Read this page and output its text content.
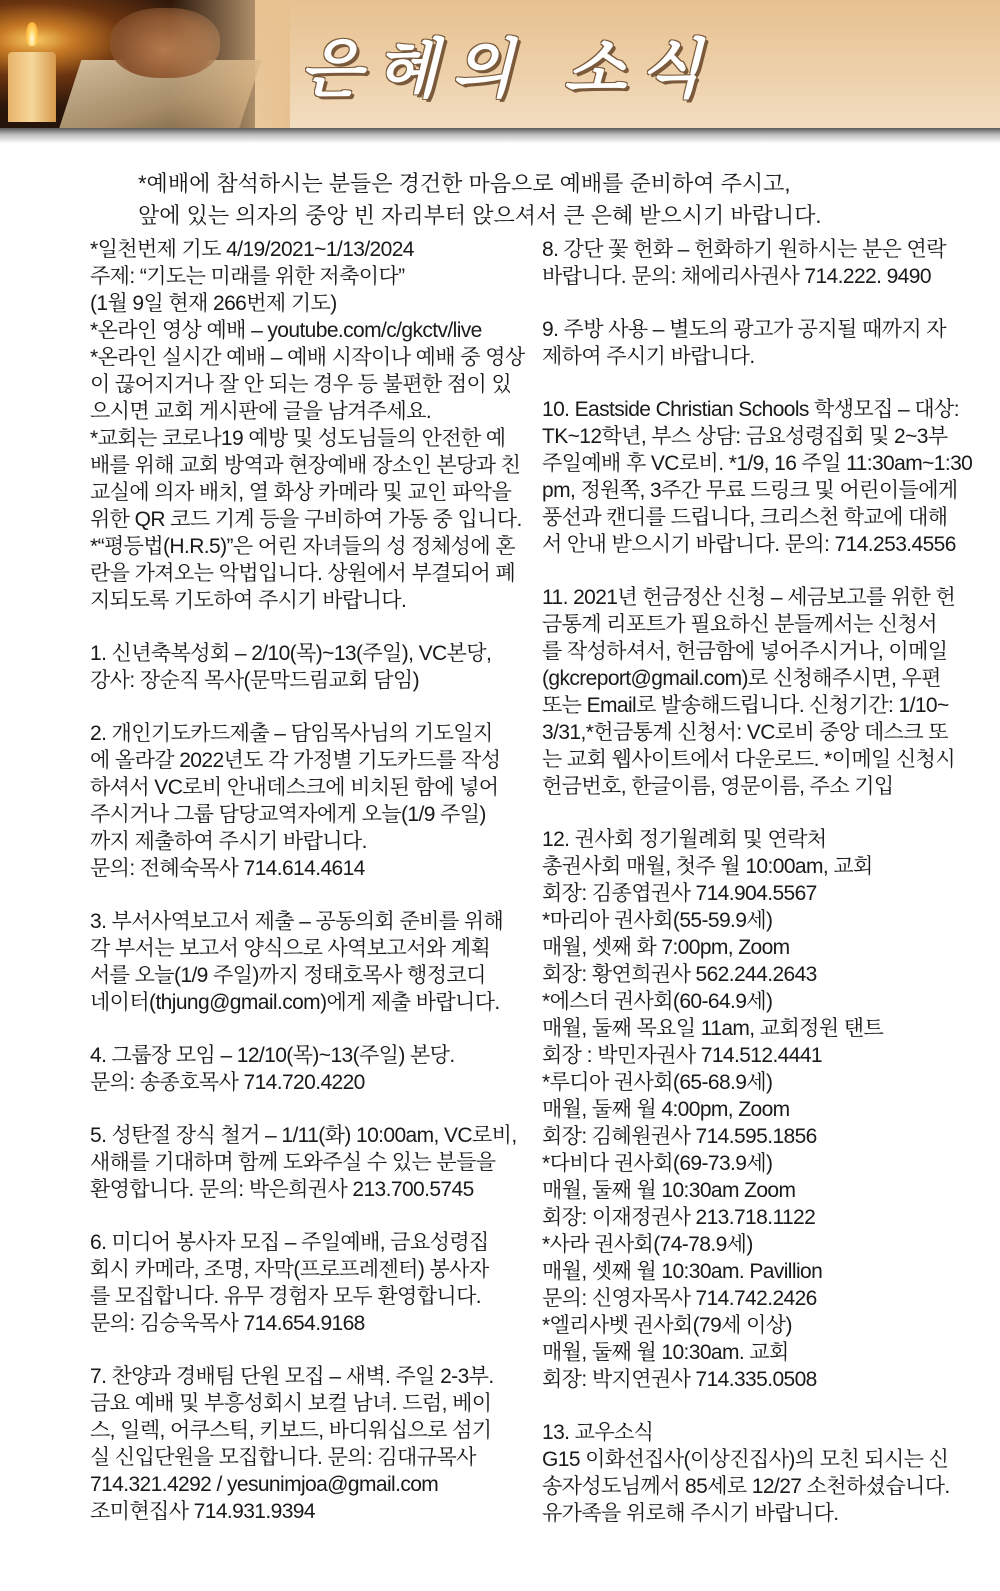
은혜의 소식

*예배에 참석하시는 분들은 경건한 마음으로 예배를 준비하여 주시고,

앞에 있는 의자의 중앙 빈 자리부터 앉으셔서 큰 은혜 받으시기 바랍니다.

*일천번제 기도 4/19/2021~1/13/2024
주제: “기도는 미래를 위한 저축이다”
(1월 9일 현재 266번제 기도)
*온라인 영상 예배 – youtube.com/c/gkctv/live
*온라인 실시간 예배 – 예배 시작이나 예배 중 영상
이 끊어지거나 잘 안 되는 경우 등 불편한 점이 있
으시면 교회 게시판에 글을 남겨주세요.
*교회는 코로나19 예방 및 성도님들의 안전한 예
배를 위해 교회 방역과 현장예배 장소인 본당과 친
교실에 의자 배치, 열 화상 카메라 및 교인 파악을
위한 QR 코드 기계 등을 구비하여 가동 중 입니다.
*“평등법(H.R.5)”은 어린 자녀들의 성 정체성에 혼
란을 가져오는 악법입니다. 상원에서 부결되어 폐
지되도록 기도하여 주시기 바랍니다.
1. 신년축복성회 – 2/10(목)~13(주일), VC본당,
강사: 장순직 목사(문막드림교회 담임)
2. 개인기도카드제출 – 담임목사님의 기도일지
에 올라갈 2022년도 각 가정별 기도카드를 작성
하셔서 VC로비 안내데스크에 비치된 함에 넣어
주시거나 그룹 담당교역자에게 오늘(1/9 주일)
까지 제출하여 주시기 바랍니다.
문의: 전혜숙목사 714.614.4614
3. 부서사역보고서 제출 – 공동의회 준비를 위해
각 부서는 보고서 양식으로 사역보고서와 계획
서를 오늘(1/9 주일)까지 정태호목사 행정코디
네이터(thjung@gmail.com)에게 제출 바랍니다.
4. 그룹장 모임 – 12/10(목)~13(주일) 본당.
문의: 송종호목사 714.720.4220
5. 성탄절 장식 철거 – 1/11(화) 10:00am, VC로비,
새해를 기대하며 함께 도와주실 수 있는 분들을
환영합니다. 문의: 박은희권사 213.700.5745
6. 미디어 봉사자 모집 – 주일예배, 금요성령집
회시 카메라, 조명, 자막(프로프레젠터) 봉사자
를 모집합니다. 유무 경험자 모두 환영합니다.
문의: 김승욱목사 714.654.9168
7. 찬양과 경배팀 단원 모집 – 새벽. 주일 2-3부.
금요 예배 및 부흥성회시 보컬 남녀. 드럼, 베이
스, 일렉, 어쿠스틱, 키보드, 바디워십으로 섬기
실 신입단원을 모집합니다. 문의: 김대규목사
714.321.4292 / yesunimjoa@gmail.com
조미현집사 714.931.9394
8. 강단 꽃 헌화 – 헌화하기 원하시는 분은 연락
바랍니다. 문의: 채에리사권사 714.222. 9490
9. 주방 사용 – 별도의 광고가 공지될 때까지 자
제하여 주시기 바랍니다.
10. Eastside Christian Schools 학생모집 – 대상:
TK~12학년, 부스 상담: 금요성령집회 및 2~3부
주일예배 후 VC로비. *1/9, 16 주일 11:30am~1:30
pm, 정원쪽, 3주간 무료 드링크 및 어린이들에게
풍선과 캔디를 드립니다, 크리스천 학교에 대해
서 안내 받으시기 바랍니다. 문의: 714.253.4556
11. 2021년 헌금정산 신청 – 세금보고를 위한 헌
금통계 리포트가 필요하신 분들께서는 신청서
를 작성하셔서, 헌금함에 넣어주시거나, 이메일
(gkcreport@gmail.com)로 신청해주시면, 우편
또는 Email로 발송해드립니다. 신청기간: 1/10~
3/31,*헌금통계 신청서: VC로비 중앙 데스크 또
는 교회 웹사이트에서 다운로드. *이메일 신청시
헌금번호, 한글이름, 영문이름, 주소 기입
12. 권사회 정기월례회 및 연락처
총권사회 매월, 첫주 월 10:00am, 교회
회장: 김종엽권사 714.904.5567
*마리아 권사회(55-59.9세)
매월, 셋째 화 7:00pm, Zoom
회장: 황연희권사 562.244.2643
*에스더 권사회(60-64.9세)
매월, 둘째 목요일 11am, 교회정원 탠트
회장 : 박민자권사 714.512.4441
*루디아 권사회(65-68.9세)
매월, 둘째 월 4:00pm, Zoom
회장: 김혜원권사 714.595.1856
*다비다 권사회(69-73.9세)
매월, 둘째 월 10:30am Zoom
회장: 이재정권사 213.718.1122
*사라 권사회(74-78.9세)
매월, 셋째 월 10:30am. Pavillion
문의: 신영자목사 714.742.2426
*엘리사벳 권사회(79세 이상)
매월, 둘째 월 10:30am. 교회
회장: 박지연권사 714.335.0508
13. 교우소식
G15 이화선집사(이상진집사)의 모친 되시는 신
송자성도님께서 85세로 12/27 소천하셨습니다.
유가족을 위로해 주시기 바랍니다.
